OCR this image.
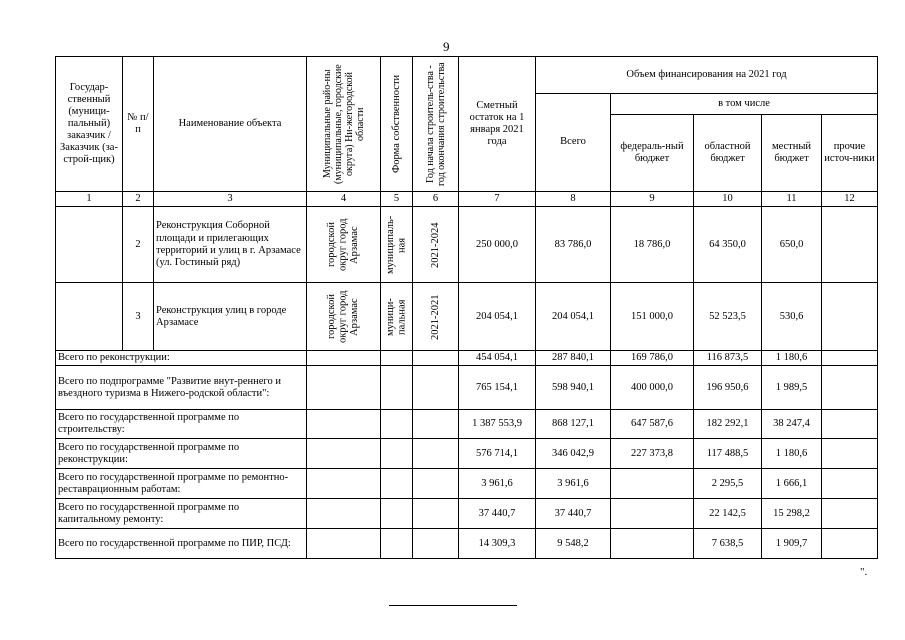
9
Государ-ственный (муници-пальный) заказчик / Заказчик (за-строй-щик)	№ п/п	Наименование объекта	Муниципальные райо-ны (муниципальные, городские округа) Ни-жегородской области	Форма собственности	Год начала строитель-ства - год окончания строительства	Сметный остаток на 1 января 2021 года	Объем финансирования на 2021 год				
							Всего	в том числе			
								федераль-ный бюджет	областной бюджет	местный бюджет	прочие источ-ники
1	2	3	4	5	6	7	8	9	10	11	12
	2	Реконструкция Соборной площади и прилегающих территорий и улиц в г. Арзамасе (ул. Гостиный ряд)	городской округ город Арзамас	муниципаль-ная	2021-2024	250 000,0	83 786,0	18 786,0	64 350,0	650,0	
	3	Реконструкция улиц в городе Арзамасе	городской округ город Арзамас	муници-пальная	2021-2021	204 054,1	204 054,1	151 000,0	52 523,5	530,6	
Всего по реконструкции:						454 054,1	287 840,1	169 786,0	116 873,5	1 180,6	
Всего по подпрограмме "Развитие внут-реннего и въездного туризма в Нижего-родской области":						765 154,1	598 940,1	400 000,0	196 950,6	1 989,5	
Всего по государственной программе по строительству:						1 387 553,9	868 127,1	647 587,6	182 292,1	38 247,4	
Всего по государственной программе по реконструкции:						576 714,1	346 042,9	227 373,8	117 488,5	1 180,6	
Всего по государственной программе по ремонтно-реставрационным работам:						3 961,6	3 961,6		2 295,5	1 666,1	
Всего по государственной программе по капитальному ремонту:						37 440,7	37 440,7		22 142,5	15 298,2	
Всего по государственной программе по ПИР, ПСД:						14 309,3	9 548,2		7 638,5	1 909,7	
".
